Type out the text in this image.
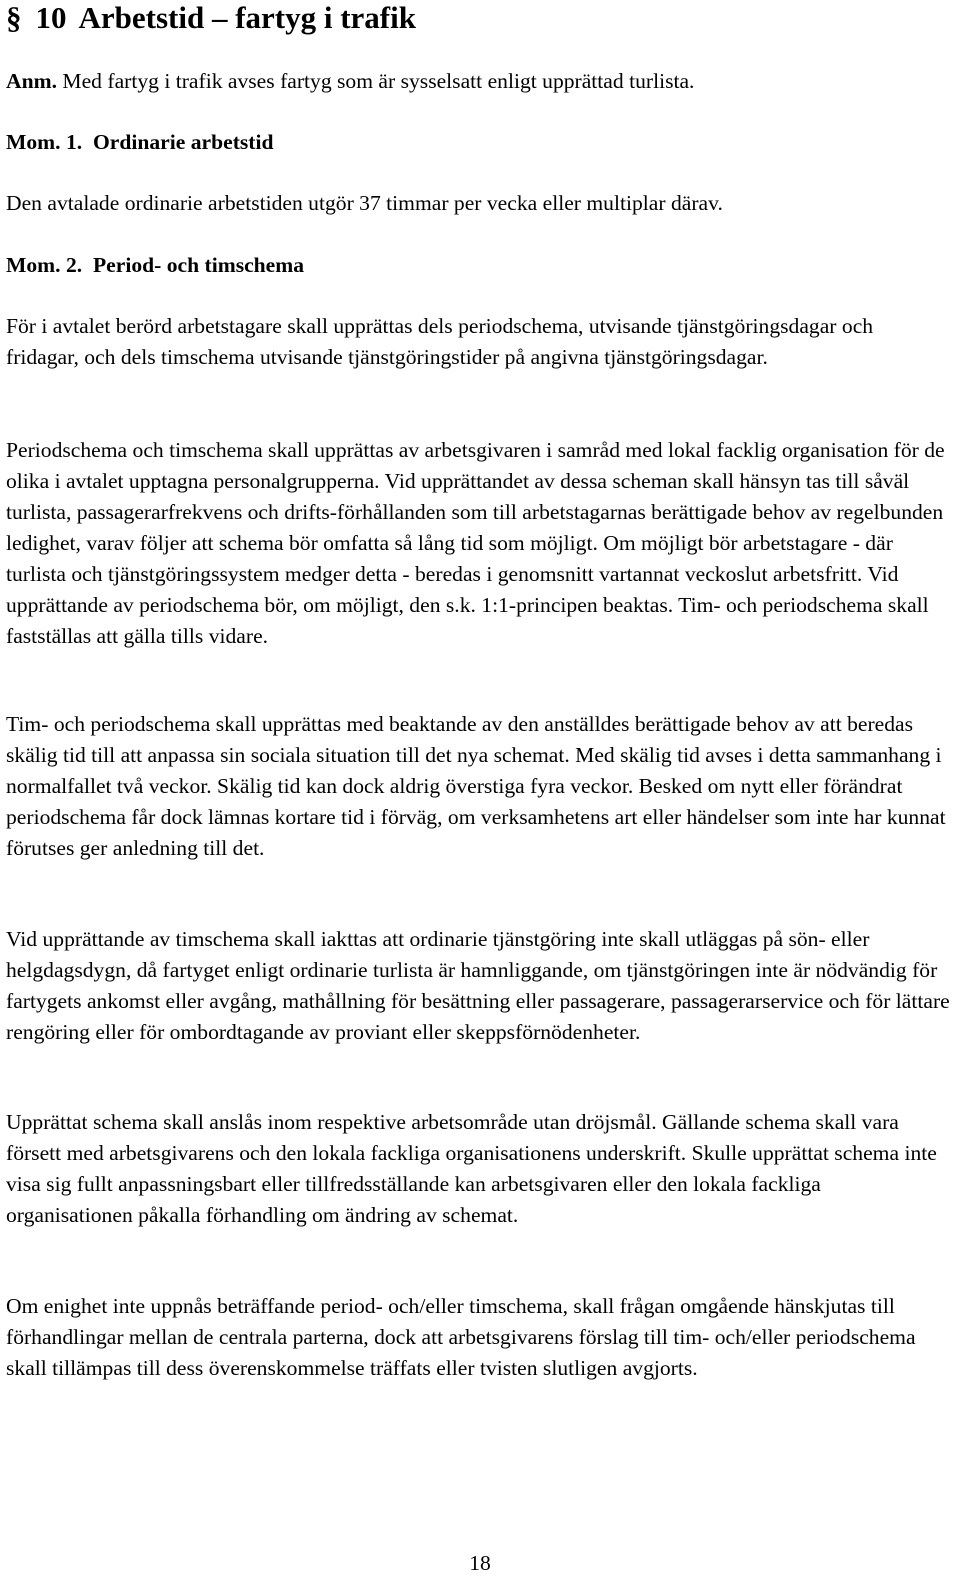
§ 10 Arbetstid – fartyg i trafik

Anm. Med fartyg i trafik avses fartyg som är sysselsatt enligt upprättad turlista.

Mom. 1. Ordinarie arbetstid

Den avtalade ordinarie arbetstiden utgör 37 timmar per vecka eller multiplar därav.

Mom. 2. Period- och timschema

För i avtalet berörd arbetstagare skall upprättas dels periodschema, utvisande tjänstgöringsdagar och fridagar, och dels timschema utvisande tjänstgöringstider på angivna tjänstgöringsdagar.

Periodschema och timschema skall upprättas av arbetsgivaren i samråd med lokal facklig organisation för de olika i avtalet upptagna personalgrupperna. Vid upprättandet av dessa scheman skall hänsyn tas till såväl turlista, passagerarfrekvens och drifts-förhållanden som till arbetstagarnas berättigade behov av regelbunden ledighet, varav följer att schema bör omfatta så lång tid som möjligt. Om möjligt bör arbetstagare - där turlista och tjänstgöringssystem medger detta - beredas i genomsnitt vartannat veckoslut arbetsfritt. Vid upprättande av periodschema bör, om möjligt, den s.k. 1:1-principen beaktas. Tim- och periodschema skall fastställas att gälla tills vidare.

Tim- och periodschema skall upprättas med beaktande av den anställdes berättigade behov av att beredas skälig tid till att anpassa sin sociala situation till det nya schemat. Med skälig tid avses i detta sammanhang i normalfallet två veckor. Skälig tid kan dock aldrig överstiga fyra veckor. Besked om nytt eller förändrat periodschema får dock lämnas kortare tid i förväg, om verksamhetens art eller händelser som inte har kunnat förutses ger anledning till det.

Vid upprättande av timschema skall iakttas att ordinarie tjänstgöring inte skall utläggas på sön- eller helgdagsdygn, då fartyget enligt ordinarie turlista är hamnliggande, om tjänstgöringen inte är nödvändig för fartygets ankomst eller avgång, mathållning för besättning eller passagerare, passagerarservice och för lättare rengöring eller för ombordtagande av proviant eller skeppsförnödenheter.

Upprättat schema skall anslås inom respektive arbetsområde utan dröjsmål. Gällande schema skall vara försett med arbetsgivarens och den lokala fackliga organisationens underskrift. Skulle upprättat schema inte visa sig fullt anpassningsbart eller tillfredsställande kan arbetsgivaren eller den lokala fackliga organisationen påkalla förhandling om ändring av schemat.

Om enighet inte uppnås beträffande period- och/eller timschema, skall frågan omgående hänskjutas till förhandlingar mellan de centrala parterna, dock att arbetsgivarens förslag till tim- och/eller periodschema skall tillämpas till dess överenskommelse träffats eller tvisten slutligen avgjorts.

18
